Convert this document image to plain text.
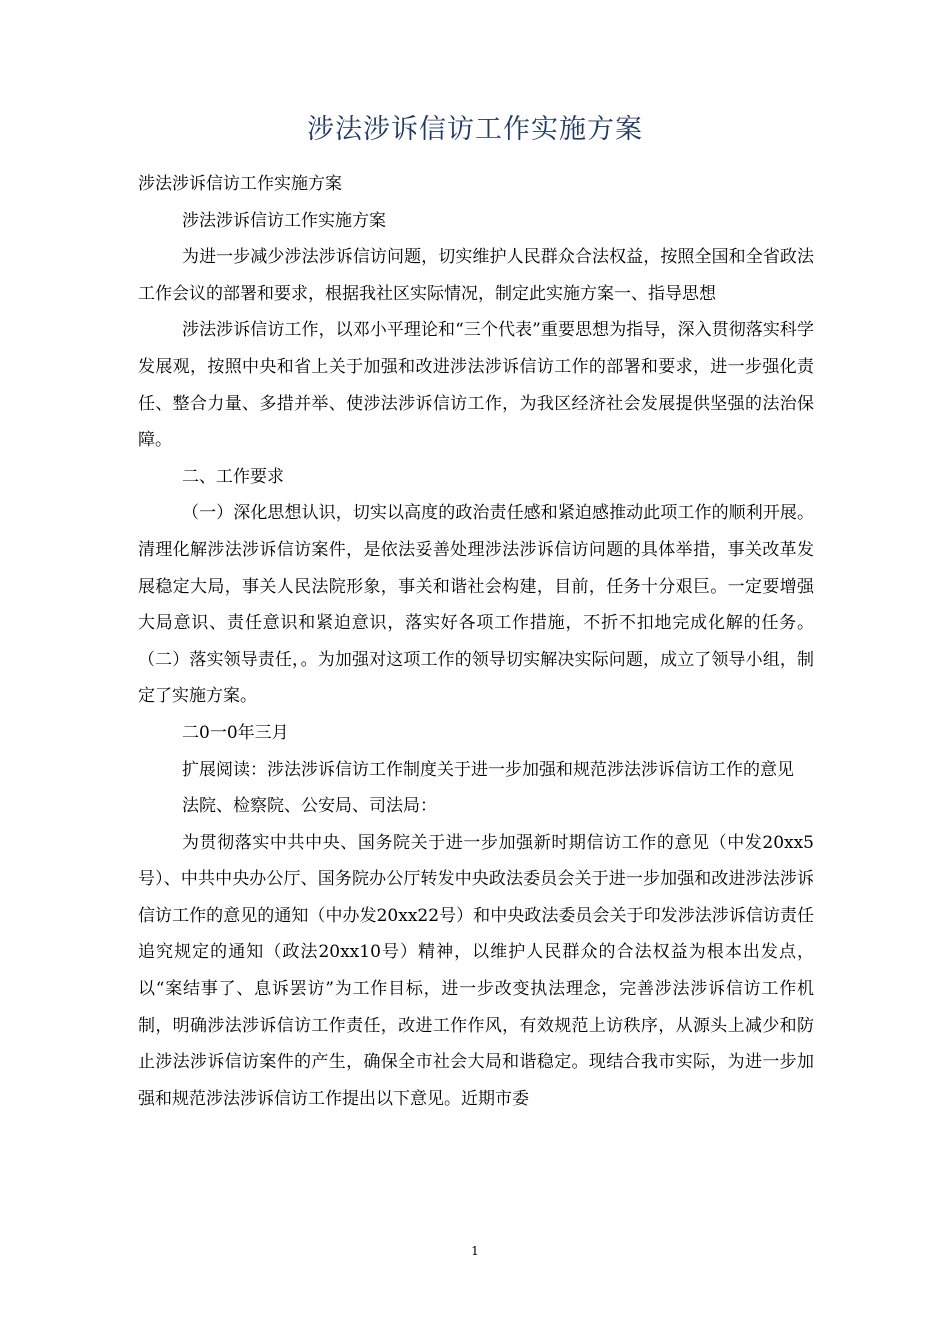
涉法涉诉信访工作实施方案

涉法涉诉信访工作实施方案

涉法涉诉信访工作实施方案

为进一步减少涉法涉诉信访问题，切实维护人民群众合法权益，按照全国和全省政法工作会议的部署和要求，根据我社区实际情况，制定此实施方案一、指导思想

涉法涉诉信访工作，以邓小平理论和“三个代表”重要思想为指导，深入贯彻落实科学发展观，按照中央和省上关于加强和改进涉法涉诉信访工作的部署和要求，进一步强化责任、整合力量、多措并举、使涉法涉诉信访工作，为我区经济社会发展提供坚强的法治保障。

二、工作要求

（一）深化思想认识，切实以高度的政治责任感和紧迫感推动此项工作的顺利开展。清理化解涉法涉诉信访案件，是依法妥善处理涉法涉诉信访问题的具体举措，事关改革发展稳定大局，事关人民法院形象，事关和谐社会构建，目前，任务十分艰巨。一定要增强大局意识、责任意识和紧迫意识，落实好各项工作措施，不折不扣地完成化解的任务。（二）落实领导责任，。为加强对这项工作的领导切实解决实际问题，成立了领导小组，制定了实施方案。

二0一0年三月

扩展阅读：涉法涉诉信访工作制度关于进一步加强和规范涉法涉诉信访工作的意见

法院、检察院、公安局、司法局：

为贯彻落实中共中央、国务院关于进一步加强新时期信访工作的意见（中发20xx5号）、中共中央办公厅、国务院办公厅转发中央政法委员会关于进一步加强和改进涉法涉诉信访工作的意见的通知（中办发20xx22号）和中央政法委员会关于印发涉法涉诉信访责任追究规定的通知（政法20xx10号）精神，以维护人民群众的合法权益为根本出发点，以“案结事了、息诉罢访”为工作目标，进一步改变执法理念，完善涉法涉诉信访工作机制，明确涉法涉诉信访工作责任，改进工作作风，有效规范上访秩序，从源头上减少和防止涉法涉诉信访案件的产生，确保全市社会大局和谐稳定。现结合我市实际，为进一步加强和规范涉法涉诉信访工作提出以下意见。近期市委

1
